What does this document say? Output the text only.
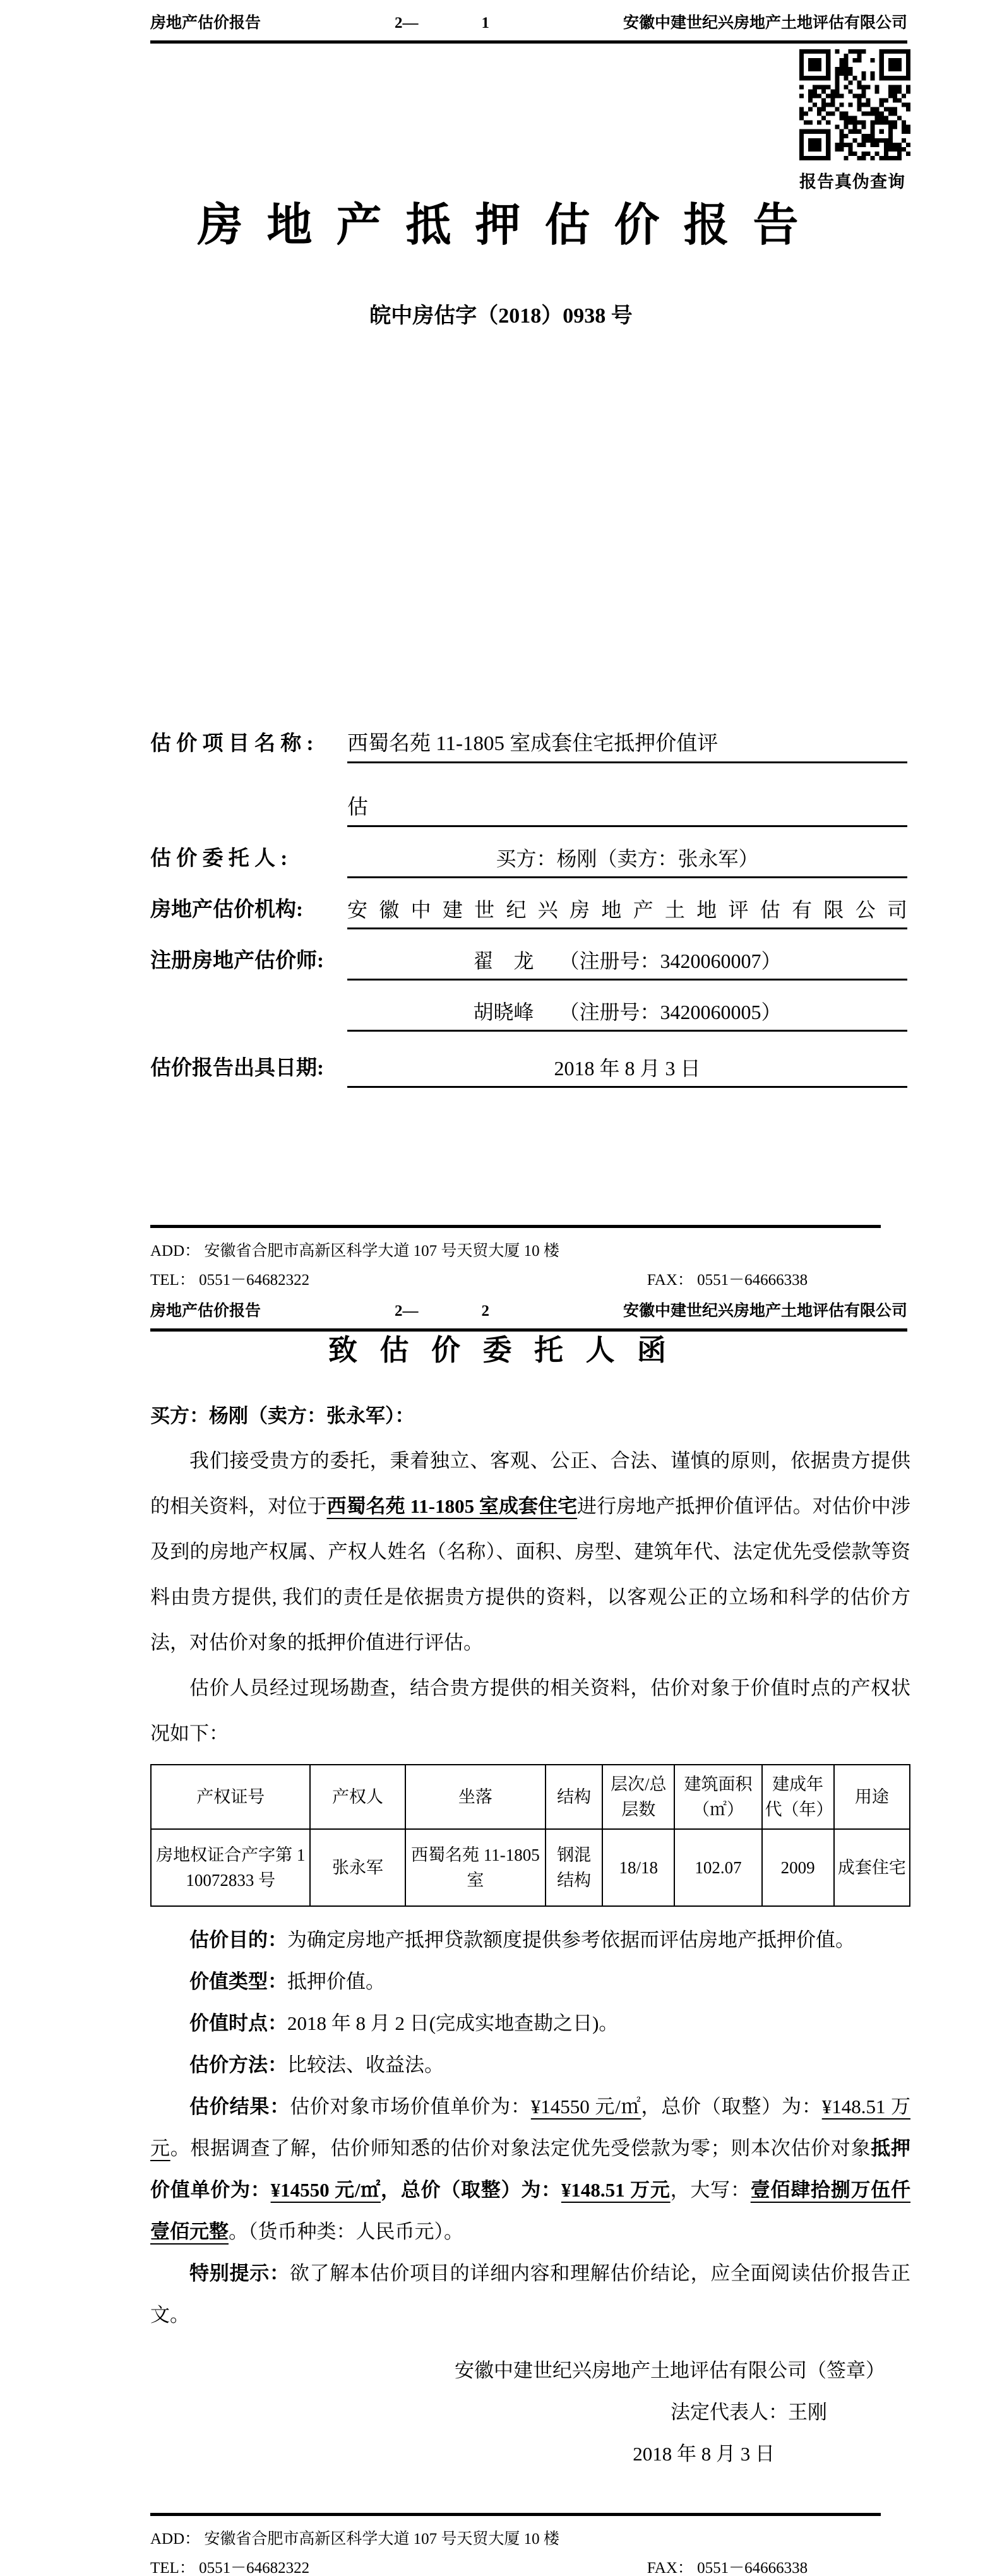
房地产估价报告	2—	1	安徽中建世纪兴房地产土地评估有限公司
报告真伪查询
房 地 产 抵 押 估 价 报 告
皖中房估字（2018）0938 号
估 价 项 目 名 称 :	西蜀名苑 11-1805 室成套住宅抵押价值评
估
估 价 委 托 人 :	买方：杨刚（卖方：张永军）
房地产估价机构:	安徽中建世纪兴房地产土地评估有限公司
注册房地产估价师:	翟　龙　 （注册号：3420060007）
胡晓峰　 （注册号：3420060005）
估价报告出具日期:	2018 年 8 月 3 日
ADD： 安徽省合肥市高新区科学大道 107 号天贸大厦 10 楼
TEL： 0551－64682322	FAX： 0551－64666338
房地产估价报告	2—	2	安徽中建世纪兴房地产土地评估有限公司
致 估 价 委 托 人 函

买方：杨刚（卖方：张永军）：

我们接受贵方的委托，秉着独立、客观、公正、合法、谨慎的原则，依据贵方提供的相关资料，对位于西蜀名苑 11-1805 室成套住宅进行房地产抵押价值评估。对估价中涉及到的房地产权属、产权人姓名（名称）、面积、房型、建筑年代、法定优先受偿款等资料由贵方提供, 我们的责任是依据贵方提供的资料，以客观公正的立场和科学的估价方法，对估价对象的抵押价值进行评估。

估价人员经过现场勘查，结合贵方提供的相关资料，估价对象于价值时点的产权状况如下：

产权证号	产权人	坐落	结构	层次/总层数	建筑面积（㎡）	建成年代（年）	用途
房地权证合产字第 110072833 号	张永军	西蜀名苑 11-1805 室	钢混结构	18/18	102.07	2009	成套住宅

估价目的：为确定房地产抵押贷款额度提供参考依据而评估房地产抵押价值。

价值类型：抵押价值。

价值时点：2018 年 8 月 2 日(完成实地查勘之日)。

估价方法：比较法、收益法。

估价结果：估价对象市场价值单价为：¥14550 元/㎡，总价（取整）为：¥148.51 万元。根据调查了解，估价师知悉的估价对象法定优先受偿款为零；则本次估价对象抵押价值单价为：¥14550 元/㎡，总价（取整）为：¥148.51 万元，大写：壹佰肆拾捌万伍仟壹佰元整。（货币种类：人民币元）。

特别提示：欲了解本估价项目的详细内容和理解估价结论，应全面阅读估价报告正文。

安徽中建世纪兴房地产土地评估有限公司（签章）
法定代表人：王刚
2018 年 8 月 3 日
ADD： 安徽省合肥市高新区科学大道 107 号天贸大厦 10 楼
TEL： 0551－64682322	FAX： 0551－64666338
